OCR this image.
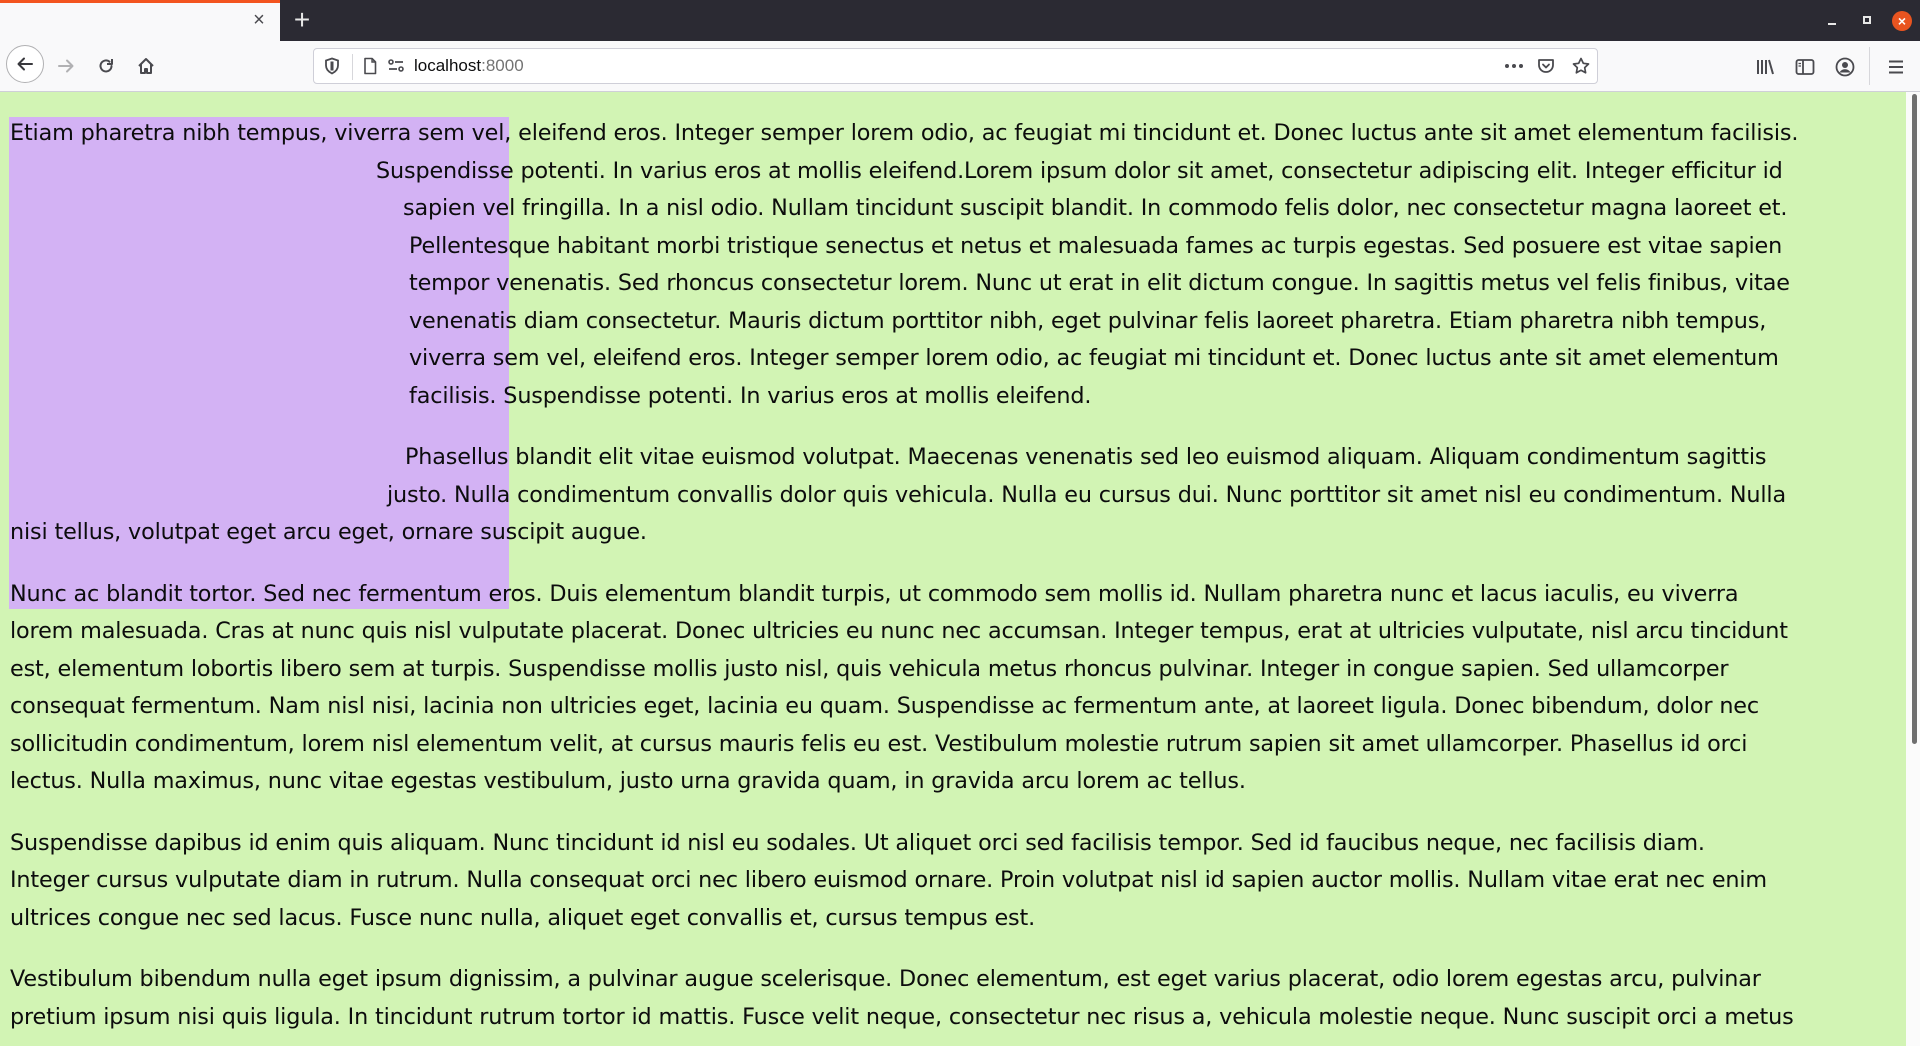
× +	×
localhost:8000
Etiam pharetra nibh tempus, viverra sem vel, eleifend eros. Integer semper lorem odio, ac feugiat mi tincidunt et. Donec luctus ante sit amet elementum facilisis.
Suspendisse potenti. In varius eros at mollis eleifend.Lorem ipsum dolor sit amet, consectetur adipiscing elit. Integer efficitur id
sapien vel fringilla. In a nisl odio. Nullam tincidunt suscipit blandit. In commodo felis dolor, nec consectetur magna laoreet et.
Pellentesque habitant morbi tristique senectus et netus et malesuada fames ac turpis egestas. Sed posuere est vitae sapien
tempor venenatis. Sed rhoncus consectetur lorem. Nunc ut erat in elit dictum congue. In sagittis metus vel felis finibus, vitae
venenatis diam consectetur. Mauris dictum porttitor nibh, eget pulvinar felis laoreet pharetra. Etiam pharetra nibh tempus,
viverra sem vel, eleifend eros. Integer semper lorem odio, ac feugiat mi tincidunt et. Donec luctus ante sit amet elementum
facilisis. Suspendisse potenti. In varius eros at mollis eleifend.
Phasellus blandit elit vitae euismod volutpat. Maecenas venenatis sed leo euismod aliquam. Aliquam condimentum sagittis
justo. Nulla condimentum convallis dolor quis vehicula. Nulla eu cursus dui. Nunc porttitor sit amet nisl eu condimentum. Nulla
nisi tellus, volutpat eget arcu eget, ornare suscipit augue.
Nunc ac blandit tortor. Sed nec fermentum eros. Duis elementum blandit turpis, ut commodo sem mollis id. Nullam pharetra nunc et lacus iaculis, eu viverra
lorem malesuada. Cras at nunc quis nisl vulputate placerat. Donec ultricies eu nunc nec accumsan. Integer tempus, erat at ultricies vulputate, nisl arcu tincidunt
est, elementum lobortis libero sem at turpis. Suspendisse mollis justo nisl, quis vehicula metus rhoncus pulvinar. Integer in congue sapien. Sed ullamcorper
consequat fermentum. Nam nisl nisi, lacinia non ultricies eget, lacinia eu quam. Suspendisse ac fermentum ante, at laoreet ligula. Donec bibendum, dolor nec
sollicitudin condimentum, lorem nisl elementum velit, at cursus mauris felis eu est. Vestibulum molestie rutrum sapien sit amet ullamcorper. Phasellus id orci
lectus. Nulla maximus, nunc vitae egestas vestibulum, justo urna gravida quam, in gravida arcu lorem ac tellus.
Suspendisse dapibus id enim quis aliquam. Nunc tincidunt id nisl eu sodales. Ut aliquet orci sed facilisis tempor. Sed id faucibus neque, nec facilisis diam.
Integer cursus vulputate diam in rutrum. Nulla consequat orci nec libero euismod ornare. Proin volutpat nisl id sapien auctor mollis. Nullam vitae erat nec enim
ultrices congue nec sed lacus. Fusce nunc nulla, aliquet eget convallis et, cursus tempus est.
Vestibulum bibendum nulla eget ipsum dignissim, a pulvinar augue scelerisque. Donec elementum, est eget varius placerat, odio lorem egestas arcu, pulvinar
pretium ipsum nisi quis ligula. In tincidunt rutrum tortor id mattis. Fusce velit neque, consectetur nec risus a, vehicula molestie neque. Nunc suscipit orci a metus
